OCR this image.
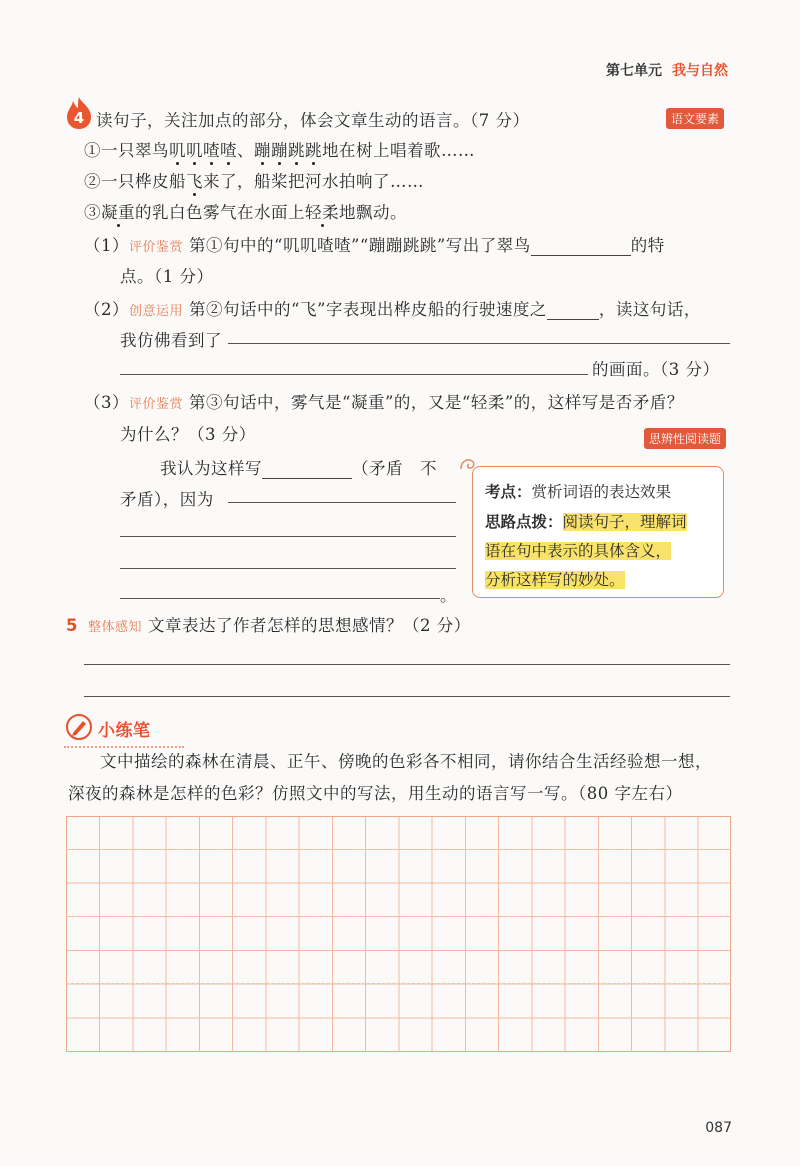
第七单元 我与自然
4 读句子，关注加点的部分，体会文章生动的语言。（7 分）	语文要素
①一只翠鸟叽叽喳喳、蹦蹦跳跳地在树上唱着歌……
②一只桦皮船飞来了，船桨把河水拍响了……
③凝重的乳白色雾气在水面上轻柔地飘动。
（1）评价鉴赏 第①句中的“叽叽喳喳”“蹦蹦跳跳”写出了翠鸟	的特
点。（1 分）
（2）创意运用 第②句话中的“飞”字表现出桦皮船的行驶速度之	，读这句话，
我仿佛看到了
的画面。（3 分）
（3）评价鉴赏 第③句话中，雾气是“凝重”的，又是“轻柔”的，这样写是否矛盾？
为什么？（3 分）	思辨性阅读题
我认为这样写	（矛盾　不
矛盾），因为
。
考点：赏析词语的表达效果
思路点拨：阅读句子，理解词
语在句中表示的具体含义，
分析这样写的妙处。
5 整体感知 文章表达了作者怎样的思想感情？（2 分）
小练笔
文中描绘的森林在清晨、正午、傍晚的色彩各不相同，请你结合生活经验想一想，
深夜的森林是怎样的色彩？仿照文中的写法，用生动的语言写一写。（80 字左右）
087
